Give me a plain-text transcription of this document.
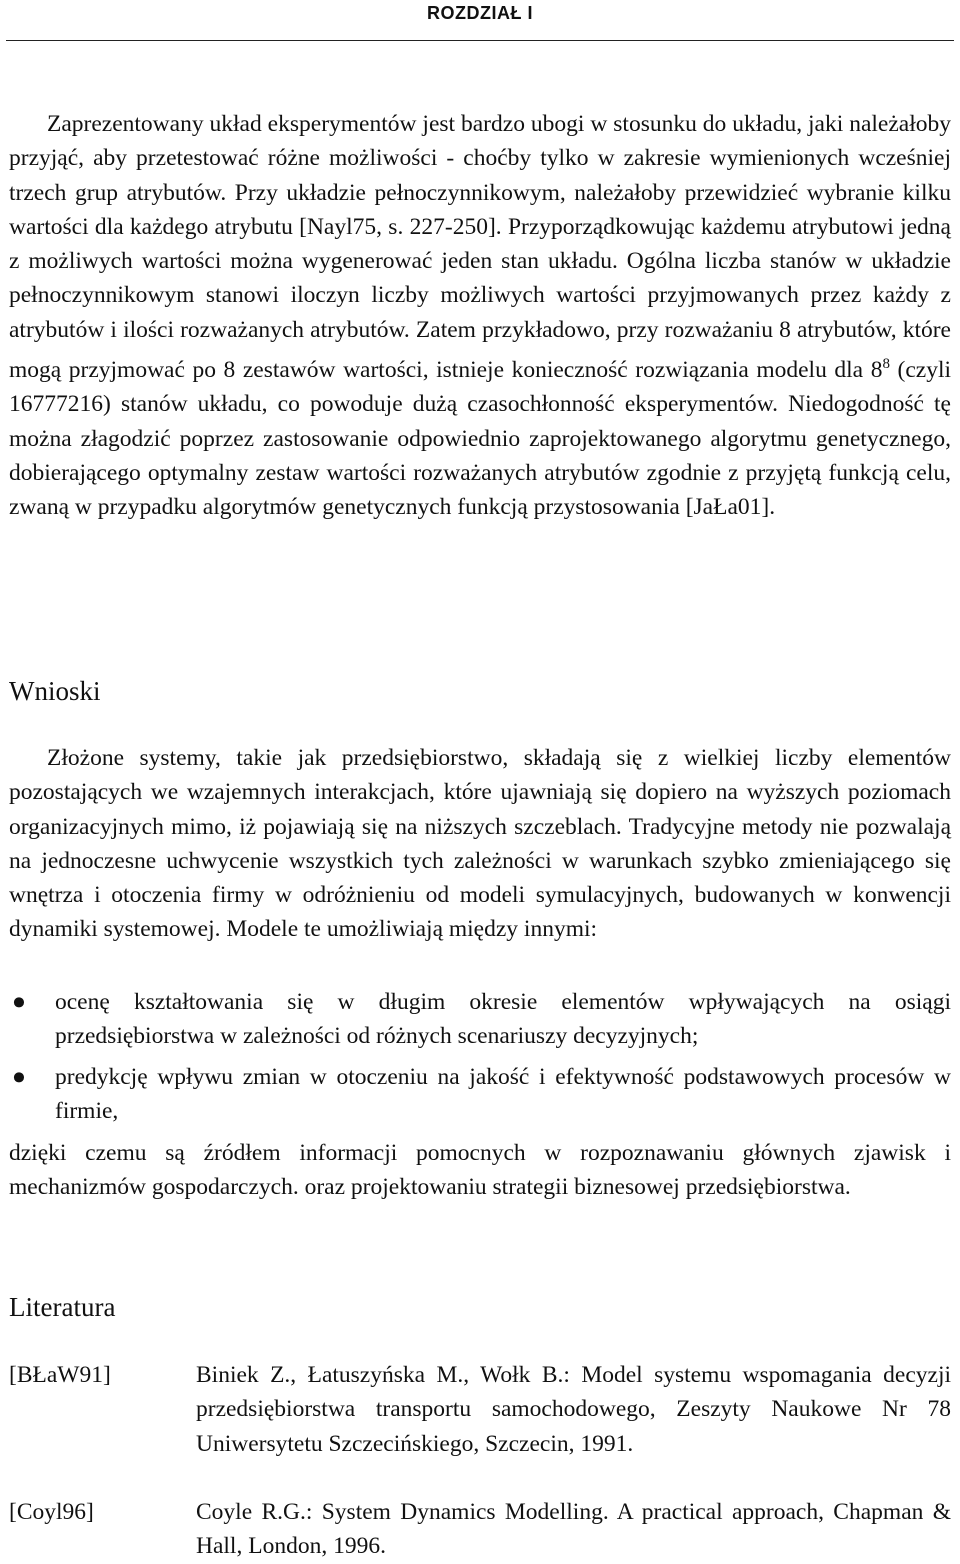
ROZDZIAŁ I

Zaprezentowany układ eksperymentów jest bardzo ubogi w stosunku do układu, jaki należałoby przyjąć, aby przetestować różne możliwości - choćby tylko w zakresie wymienionych wcześniej trzech grup atrybutów. Przy układzie pełnoczynnikowym, należałoby przewidzieć wybranie kilku wartości dla każdego atrybutu [Nayl75, s. 227-250]. Przyporządkowując każdemu atrybutowi jedną z możliwych wartości można wygenerować jeden stan układu. Ogólna liczba stanów w układzie pełnoczynnikowym stanowi iloczyn liczby możliwych wartości przyjmowanych przez każdy z atrybutów i ilości rozważanych atrybutów. Zatem przykładowo, przy rozważaniu 8 atrybutów, które mogą przyjmować po 8 zestawów wartości, istnieje konieczność rozwiązania modelu dla $8^8$ (czyli 16777216) stanów układu, co powoduje dużą czasochłonność eksperymentów. Niedogodność tę można złagodzić poprzez zastosowanie odpowiednio zaprojektowanego algorytmu genetycznego, dobierającego optymalny zestaw wartości rozważanych atrybutów zgodnie z przyjętą funkcją celu, zwaną w przypadku algorytmów genetycznych funkcją przystosowania [JaŁa01].

Wnioski

Złożone systemy, takie jak przedsiębiorstwo, składają się z wielkiej liczby elementów pozostających we wzajemnych interakcjach, które ujawniają się dopiero na wyższych poziomach organizacyjnych mimo, iż pojawiają się na niższych szczeblach. Tradycyjne metody nie pozwalają na jednoczesne uchwycenie wszystkich tych zależności w warunkach szybko zmieniającego się wnętrza i otoczenia firmy w odróżnieniu od modeli symulacyjnych, budowanych w konwencji dynamiki systemowej. Modele te umożliwiają między innymi:

● ocenę kształtowania się w długim okresie elementów wpływających na osiągi przedsiębiorstwa w zależności od różnych scenariuszy decyzyjnych;
● predykcję wpływu zmian w otoczeniu na jakość i efektywność podstawowych procesów w firmie,

dzięki czemu są źródłem informacji pomocnych w rozpoznawaniu głównych zjawisk i mechanizmów gospodarczych. oraz projektowaniu strategii biznesowej przedsiębiorstwa.

Literatura
[BŁaW91]	Biniek Z., Łatuszyńska M., Wołk B.: Model systemu wspomagania decyzji przedsiębiorstwa transportu samochodowego, Zeszyty Naukowe Nr 78 Uniwersytetu Szczecińskiego, Szczecin, 1991.
[Coyl96]	Coyle R.G.: System Dynamics Modelling. A practical approach, Chapman & Hall, London, 1996.
